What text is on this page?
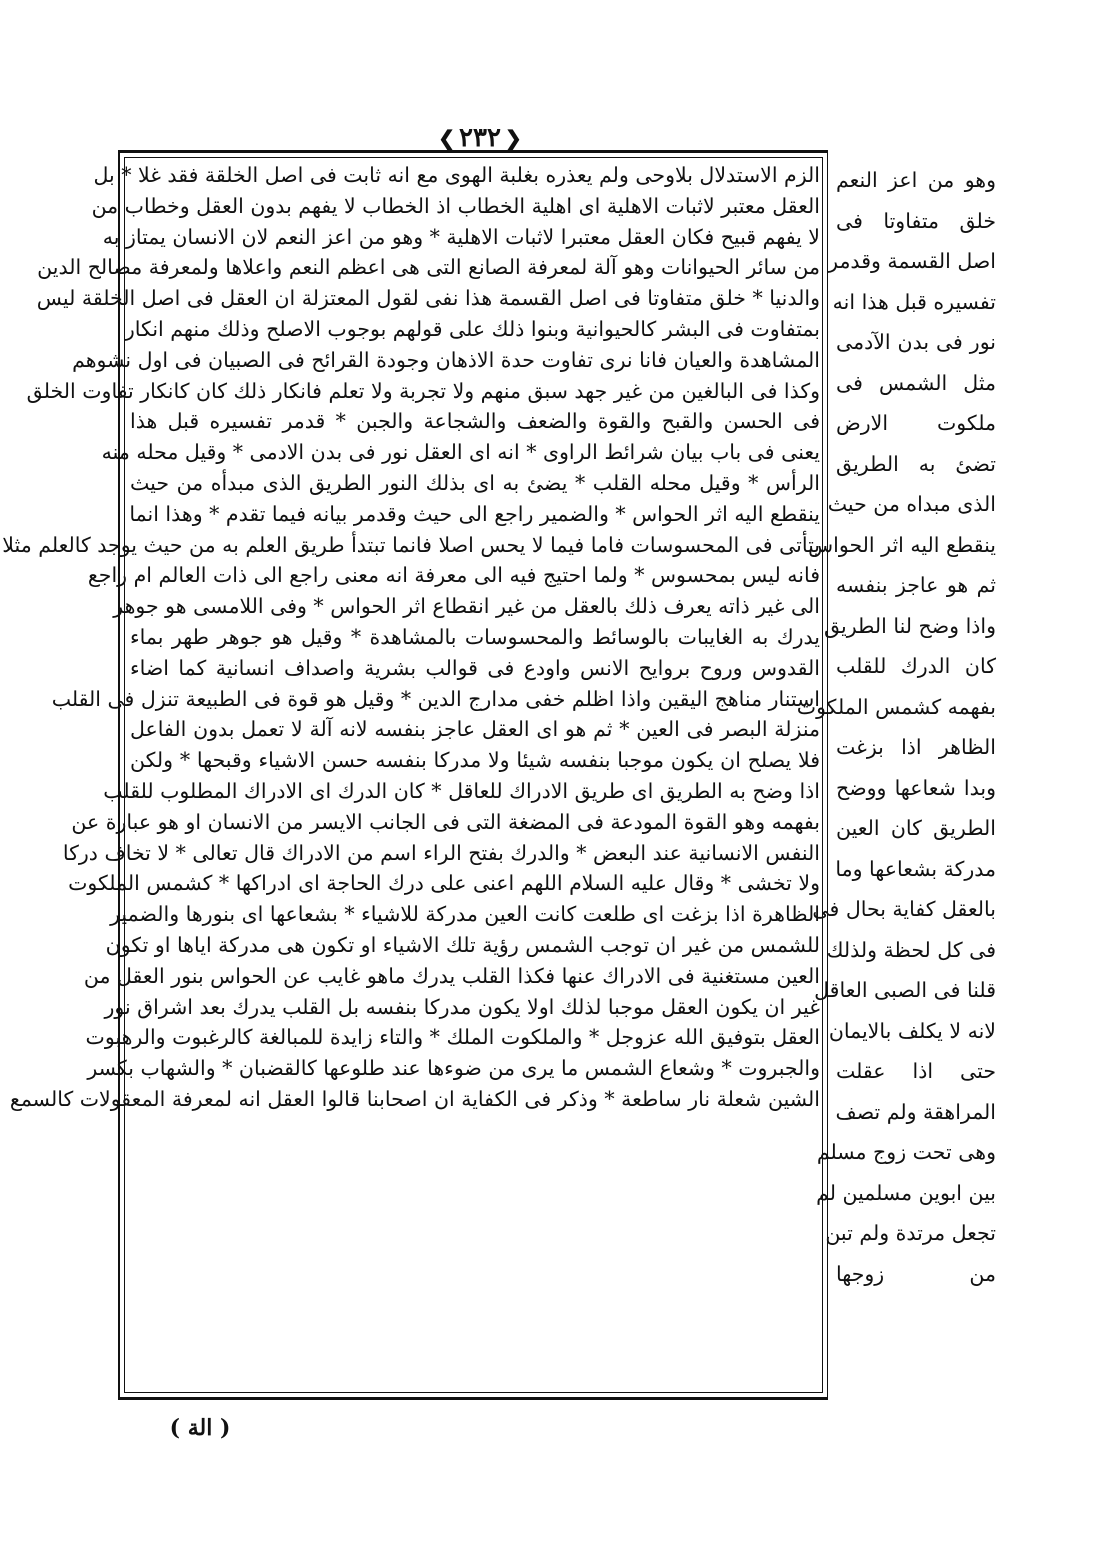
❮
٢٣٢
❯
الزم الاستدلال بلاوحى ولم يعذره بغلبة الهوى مع انه ثابت فى اصل الخلقة فقد غلا * بل
العقل معتبر لاثبات الاهلية اى اهلية الخطاب اذ الخطاب لا يفهم بدون العقل وخطاب من
لا يفهم قبيح فكان العقل معتبرا لاثبات الاهلية * وهو من اعز النعم لان الانسان يمتاز به
من سائر الحيوانات وهو آلة لمعرفة الصانع التى هى اعظم النعم واعلاها ولمعرفة مصالح الدين
والدنيا * خلق متفاوتا فى اصل القسمة هذا نفى لقول المعتزلة ان العقل فى اصل الخلقة ليس
بمتفاوت فى البشر كالحيوانية وبنوا ذلك على قولهم بوجوب الاصلح وذلك منهم انكار
المشاهدة والعيان فانا نرى تفاوت حدة الاذهان وجودة القرائح فى الصبيان فى اول نشوهم
وكذا فى البالغين من غير جهد سبق منهم ولا تجربة ولا تعلم فانكار ذلك كان كانكار تفاوت الخلق
فى الحسن والقبح والقوة والضعف والشجاعة والجبن * قدمر تفسيره قبل هذا
يعنى فى باب بيان شرائط الراوى * انه اى العقل نور فى بدن الادمى * وقيل محله منه
الرأس * وقيل محله القلب * يضئ به اى بذلك النور الطريق الذى مبدأه من حيث
ينقطع اليه اثر الحواس * والضمير راجع الى حيث وقدمر بيانه فيما تقدم * وهذا انما
يتأتى فى المحسوسات فاما فيما لا يحس اصلا فانما تبتدأ طريق العلم به من حيث يوجد كالعلم مثلا
فانه ليس بمحسوس * ولما احتيج فيه الى معرفة انه معنى راجع الى ذات العالم ام راجع
الى غير ذاته يعرف ذلك بالعقل من غير انقطاع اثر الحواس * وفى اللامسى هو جوهر
يدرك به الغايبات بالوسائط والمحسوسات بالمشاهدة * وقيل هو جوهر طهر بماء
القدوس وروح بروايح الانس واودع فى قوالب بشرية واصداف انسانية كما اضاء
استنار مناهج اليقين واذا اظلم خفى مدارج الدين * وقيل هو قوة فى الطبيعة تنزل فى القلب
منزلة البصر فى العين * ثم هو اى العقل عاجز بنفسه لانه آلة لا تعمل بدون الفاعل
فلا يصلح ان يكون موجبا بنفسه شيئا ولا مدركا بنفسه حسن الاشياء وقبحها * ولكن
اذا وضح به الطريق اى طريق الادراك للعاقل * كان الدرك اى الادراك المطلوب للقلب
بفهمه وهو القوة المودعة فى المضغة التى فى الجانب الايسر من الانسان او هو عبارة عن
النفس الانسانية عند البعض * والدرك بفتح الراء اسم من الادراك قال تعالى * لا تخاف دركا
ولا تخشى * وقال عليه السلام اللهم اعنى على درك الحاجة اى ادراكها * كشمس الملكوت
الظاهرة اذا بزغت اى طلعت كانت العين مدركة للاشياء * بشعاعها اى بنورها والضمير
للشمس من غير ان توجب الشمس رؤية تلك الاشياء او تكون هى مدركة اياها او تكون
العين مستغنية فى الادراك عنها فكذا القلب يدرك ماهو غايب عن الحواس بنور العقل من
غير ان يكون العقل موجبا لذلك اولا يكون مدركا بنفسه بل القلب يدرك بعد اشراق نور
العقل بتوفيق الله عزوجل * والملكوت الملك * والتاء زايدة للمبالغة كالرغبوت والرهبوت
والجبروت * وشعاع الشمس ما يرى من ضوءها عند طلوعها كالقضبان * والشهاب بكسر
الشين شعلة نار ساطعة * وذكر فى الكفاية ان اصحابنا قالوا العقل انه لمعرفة المعقولات كالسمع
وهو من اعز النعم
خلق متفاوتا فى
اصل القسمة وقدمر
تفسيره قبل هذا انه
نور فى بدن الآدمى
مثل الشمس فى
ملكوت الارض
تضئ به الطريق
الذى مبداه من حيث
ينقطع اليه اثر الحواس
ثم هو عاجز بنفسه
واذا وضح لنا الطريق
كان الدرك للقلب
بفهمه كشمس الملكوت
الظاهر اذا بزغت
وبدا شعاعها ووضح
الطريق كان العين
مدركة بشعاعها وما
بالعقل كفاية بحال فى
فى كل لحظة ولذلك
قلنا فى الصبى العاقل
لانه لا يكلف بالايمان
حتى اذا عقلت
المراهقة ولم تصف
وهى تحت زوج مسلم
بين ابوين مسلمين لم
تجعل مرتدة ولم تبن
من زوجها
( الة )
